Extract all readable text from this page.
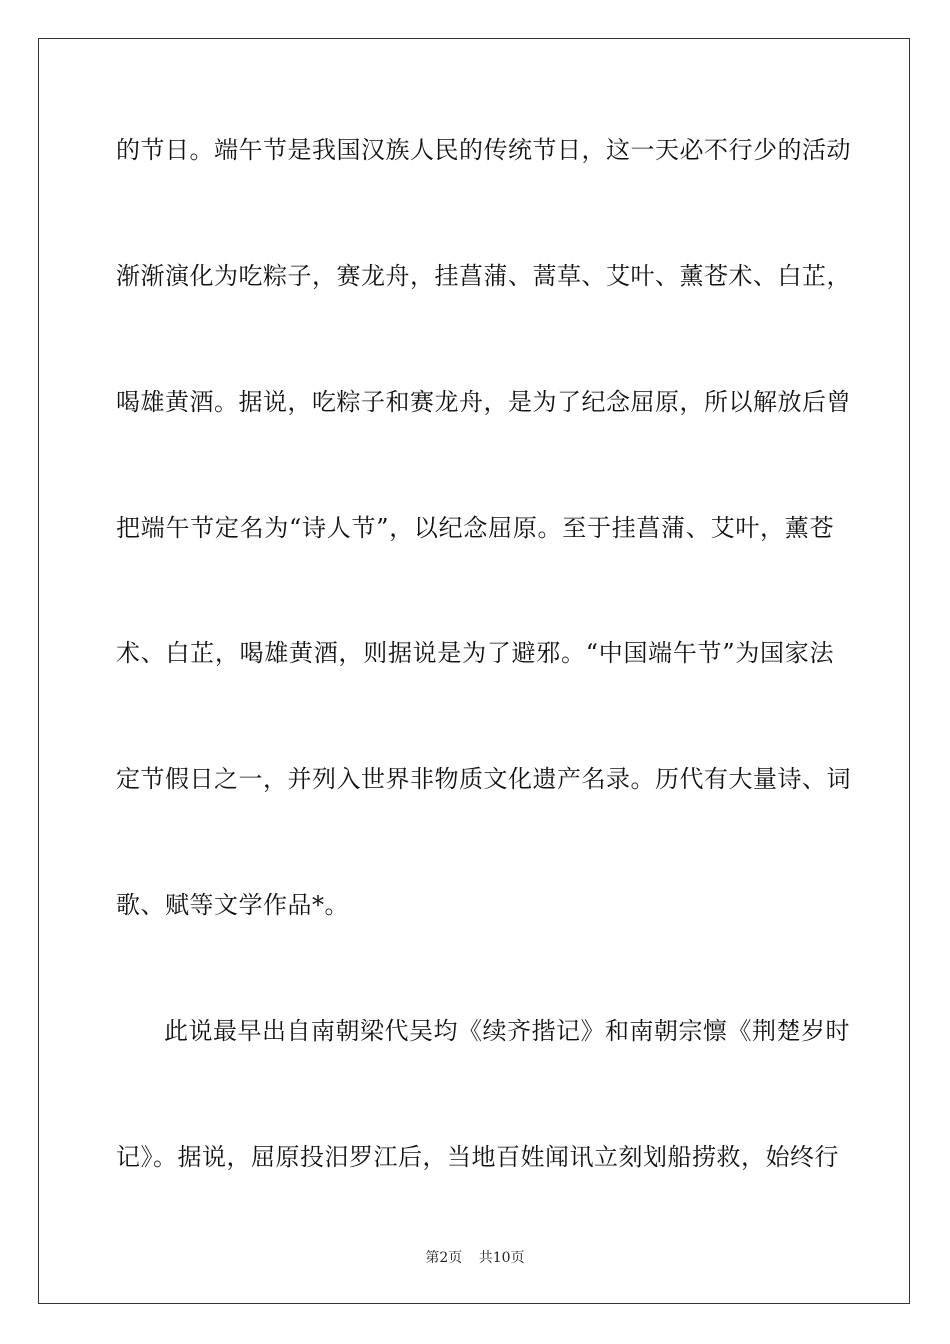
的节日。端午节是我国汉族人民的传统节日，这一天必不行少的活动
渐渐演化为吃粽子，赛龙舟，挂菖蒲、蒿草、艾叶、薰苍术、白芷，
喝雄黄酒。据说，吃粽子和赛龙舟，是为了纪念屈原，所以解放后曾
把端午节定名为“诗人节”，以纪念屈原。至于挂菖蒲、艾叶，薰苍
术、白芷，喝雄黄酒，则据说是为了避邪。“中国端午节”为国家法
定节假日之一，并列入世界非物质文化遗产名录。历代有大量诗、词
歌、赋等文学作品*。
此说最早出自南朝梁代吴均《续齐揩记》和南朝宗懔《荆楚岁时
记》。据说，屈原投汨罗江后，当地百姓闻讯立刻划船捞救，始终行
第2页 共10页
